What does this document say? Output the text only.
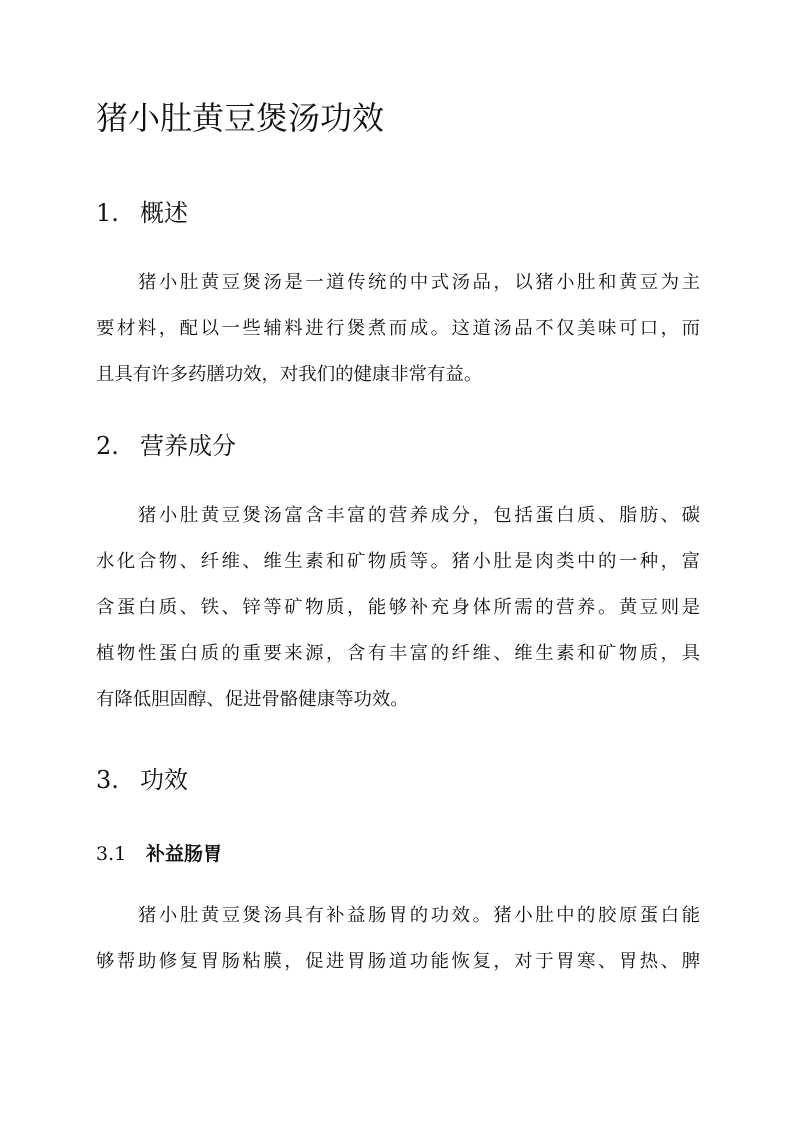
猪小肚黄豆煲汤功效
1. 概述
猪小肚黄豆煲汤是一道传统的中式汤品，以猪小肚和黄豆为主
要材料，配以一些辅料进行煲煮而成。这道汤品不仅美味可口，而
且具有许多药膳功效，对我们的健康非常有益。
2. 营养成分
猪小肚黄豆煲汤富含丰富的营养成分，包括蛋白质、脂肪、碳
水化合物、纤维、维生素和矿物质等。猪小肚是肉类中的一种，富
含蛋白质、铁、锌等矿物质，能够补充身体所需的营养。黄豆则是
植物性蛋白质的重要来源，含有丰富的纤维、维生素和矿物质，具
有降低胆固醇、促进骨骼健康等功效。
3. 功效
3.1 补益肠胃
猪小肚黄豆煲汤具有补益肠胃的功效。猪小肚中的胶原蛋白能
够帮助修复胃肠粘膜，促进胃肠道功能恢复，对于胃寒、胃热、脾
